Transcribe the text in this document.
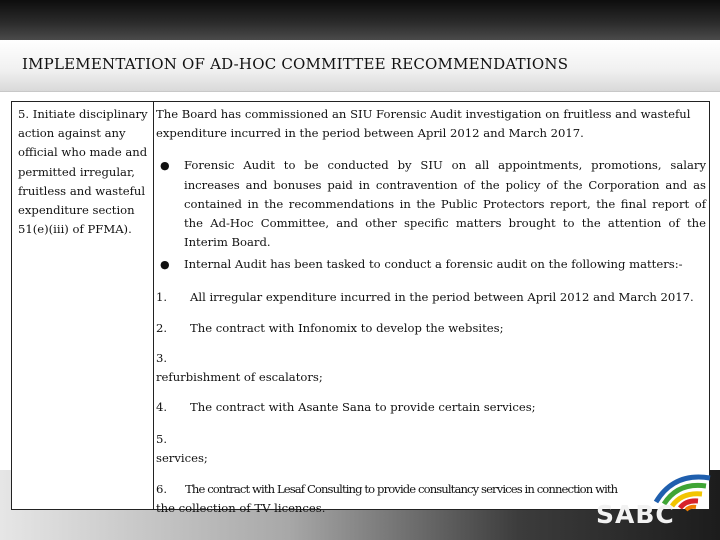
IMPLEMENTATION OF AD-HOC COMMITTEE RECOMMENDATIONS
5. Initiate disciplinary action against any official who made and permitted irregular, fruitless and wasteful expenditure section 51(e)(iii) of PFMA).
The Board has commissioned an SIU Forensic Audit investigation on fruitless and wasteful expenditure incurred in the period between April 2012 and March 2017.
● Forensic Audit to be conducted by SIU on all appointments, promotions, salary increases and bonuses paid in contravention of the policy of the Corporation and as contained in the recommendations in the Public Protectors report, the final report of the Ad-Hoc Committee, and other specific matters brought to the attention of the Interim Board.
● Internal Audit has been tasked to conduct a forensic audit on the following matters:-
1. All irregular expenditure incurred in the period between April 2012 and March 2017.
2. The contract with Infonomix to develop the websites;
3.
refurbishment of escalators;
4. The contract with Asante Sana to provide certain services;
5.
services;
6. The contract with Lesaf Consulting to provide consultancy services in connection with
the collection of TV licences.	SABC
